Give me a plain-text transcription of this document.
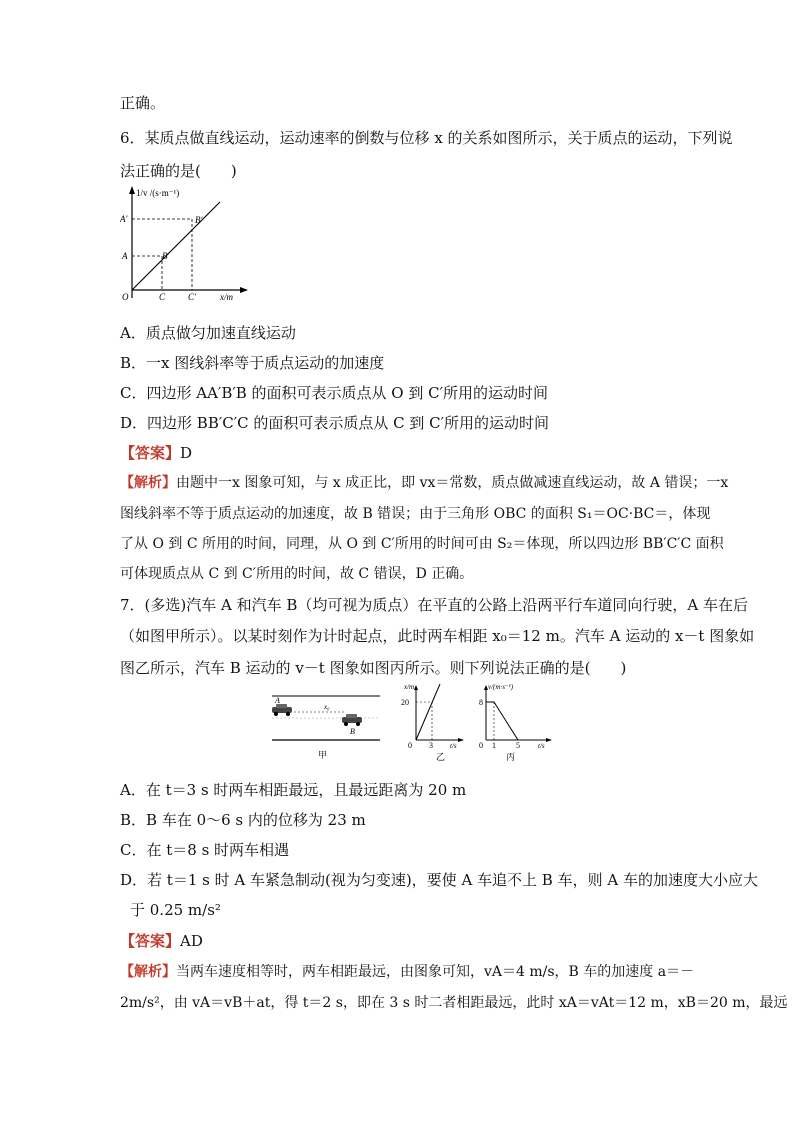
正确。
6．某质点做直线运动，运动速率的倒数与位移 x 的关系如图所示，关于质点的运动，下列说
法正确的是(　　)
1/v /(s·m⁻¹)
A′	B′
A	B
O	C	C′	x/m
A．质点做匀加速直线运动
B．一x 图线斜率等于质点运动的加速度
C．四边形 AA′B′B 的面积可表示质点从 O 到 C′所用的运动时间
D．四边形 BB′C′C 的面积可表示质点从 C 到 C′所用的运动时间
【答案】D
【解析】由题中一x 图象可知，与 x 成正比，即 vx＝常数，质点做减速直线运动，故 A 错误；一x
图线斜率不等于质点运动的加速度，故 B 错误；由于三角形 OBC 的面积 S₁＝OC·BC＝，体现
了从 O 到 C 所用的时间，同理，从 O 到 C′所用的时间可由 S₂＝体现，所以四边形 BB′C′C 面积
可体现质点从 C 到 C′所用的时间，故 C 错误，D 正确。
7．(多选)汽车 A 和汽车 B（均可视为质点）在平直的公路上沿两平行车道同向行驶，A 车在后
（如图甲所示）。以某时刻作为计时起点，此时两车相距 x₀＝12 m。汽车 A 运动的 x－t 图象如
图乙所示，汽车 B 运动的 v－t 图象如图丙所示。则下列说法正确的是(　　)
A
x₀
B
甲
x/m
20
0 3 t/s
乙
v/(m·s⁻¹)
8
0 1	5	t/s
丙
A．在 t＝3 s 时两车相距最远，且最远距离为 20 m
B．B 车在 0～6 s 内的位移为 23 m
C．在 t＝8 s 时两车相遇
D．若 t＝1 s 时 A 车紧急制动(视为匀变速)，要使 A 车追不上 B 车，则 A 车的加速度大小应大
于 0.25 m/s²
【答案】AD
【解析】当两车速度相等时，两车相距最远，由图象可知，vA＝4 m/s，B 车的加速度 a＝－
2m/s²，由 vA＝vB＋at，得 t＝2 s，即在 3 s 时二者相距最远，此时 xA＝vAt＝12 m，xB＝20 m，最远
